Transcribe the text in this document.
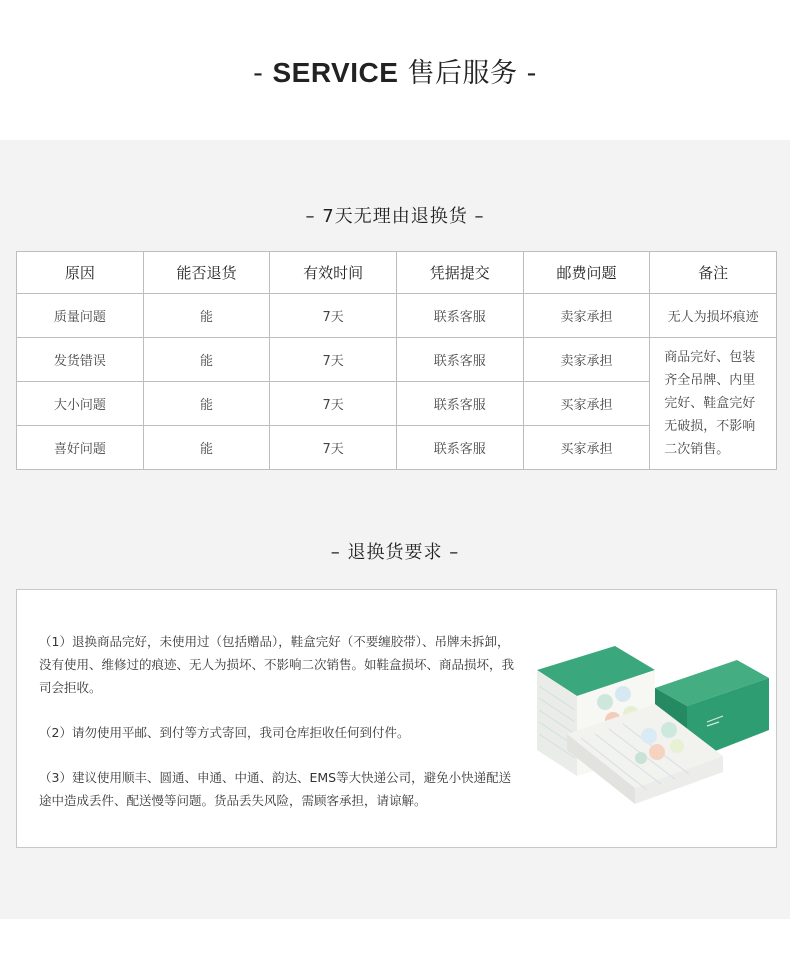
- SERVICE 售后服务 -
– 7天无理由退换货 –
原因	能否退货	有效时间	凭据提交	邮费问题	备注
质量问题	能	7天	联系客服	卖家承担	无人为损坏痕迹
发货错误	能	7天	联系客服	卖家承担	商品完好、包装齐全吊牌、内里完好、鞋盒完好无破损，不影响二次销售。
大小问题	能	7天	联系客服	买家承担	
喜好问题	能	7天	联系客服	买家承担	
– 退换货要求 –

（1）退换商品完好，未使用过（包括赠品），鞋盒完好（不要缠胶带）、吊牌未拆卸，没有使用、维修过的痕迹、无人为损坏、不影响二次销售。如鞋盒损坏、商品损坏，我司会拒收。

（2）请勿使用平邮、到付等方式寄回，我司仓库拒收任何到付件。

（3）建议使用顺丰、圆通、申通、中通、韵达、EMS等大快递公司，避免小快递配送途中造成丢件、配送慢等问题。货品丢失风险，需顾客承担，请谅解。
